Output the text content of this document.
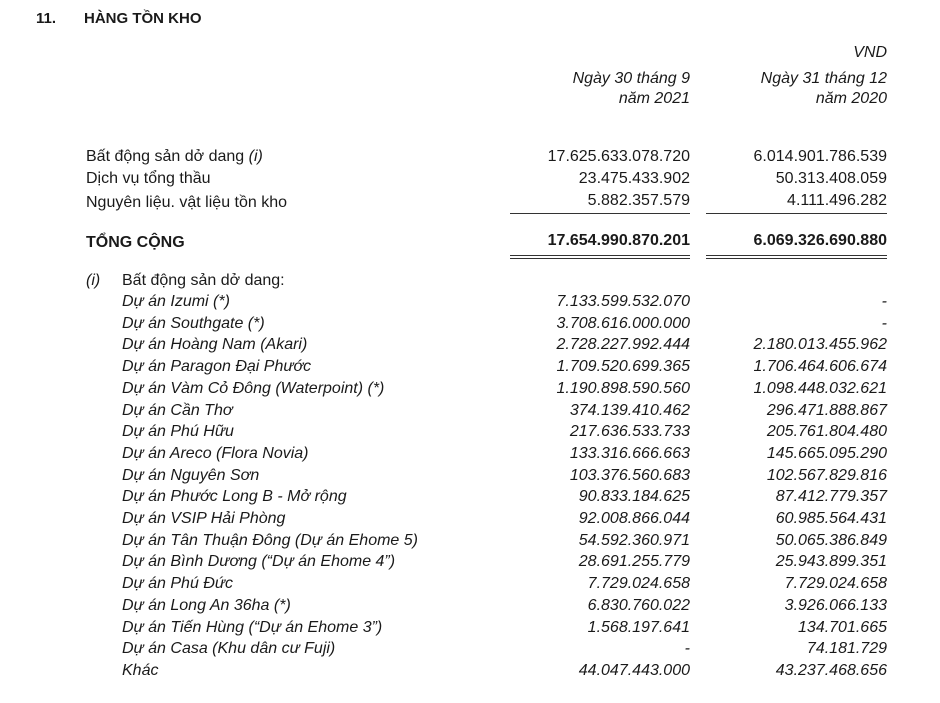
11. HÀNG TỒN KHO
VND
Ngày 30 tháng 9
năm 2021
Ngày 31 tháng 12
năm 2020
Bất động sản dở dang (i)	17.625.633.078.720	6.014.901.786.539
Dịch vụ tổng thầu	23.475.433.902	50.313.408.059
Nguyên liệu. vật liệu tồn kho	5.882.357.579	4.111.496.282
TỔNG CỘNG	17.654.990.870.201	6.069.326.690.880
(i) Bất động sản dở dang:
Dự án Izumi (*)	7.133.599.532.070	-
Dự án Southgate (*)	3.708.616.000.000	-
Dự án Hoàng Nam (Akari)	2.728.227.992.444	2.180.013.455.962
Dự án Paragon Đại Phước	1.709.520.699.365	1.706.464.606.674
Dự án Vàm Cỏ Đông (Waterpoint) (*)	1.190.898.590.560	1.098.448.032.621
Dự án Cần Thơ	374.139.410.462	296.471.888.867
Dự án Phú Hữu	217.636.533.733	205.761.804.480
Dự án Areco (Flora Novia)	133.316.666.663	145.665.095.290
Dự án Nguyên Sơn	103.376.560.683	102.567.829.816
Dự án Phước Long B - Mở rộng	90.833.184.625	87.412.779.357
Dự án VSIP Hải Phòng	92.008.866.044	60.985.564.431
Dự án Tân Thuận Đông (Dự án Ehome 5)	54.592.360.971	50.065.386.849
Dự án Bình Dương (“Dự án Ehome 4”)	28.691.255.779	25.943.899.351
Dự án Phú Đức	7.729.024.658	7.729.024.658
Dự án Long An 36ha (*)	6.830.760.022	3.926.066.133
Dự án Tiến Hùng (“Dự án Ehome 3”)	1.568.197.641	134.701.665
Dự án Casa (Khu dân cư Fuji)	-	74.181.729
Khác	44.047.443.000	43.237.468.656
